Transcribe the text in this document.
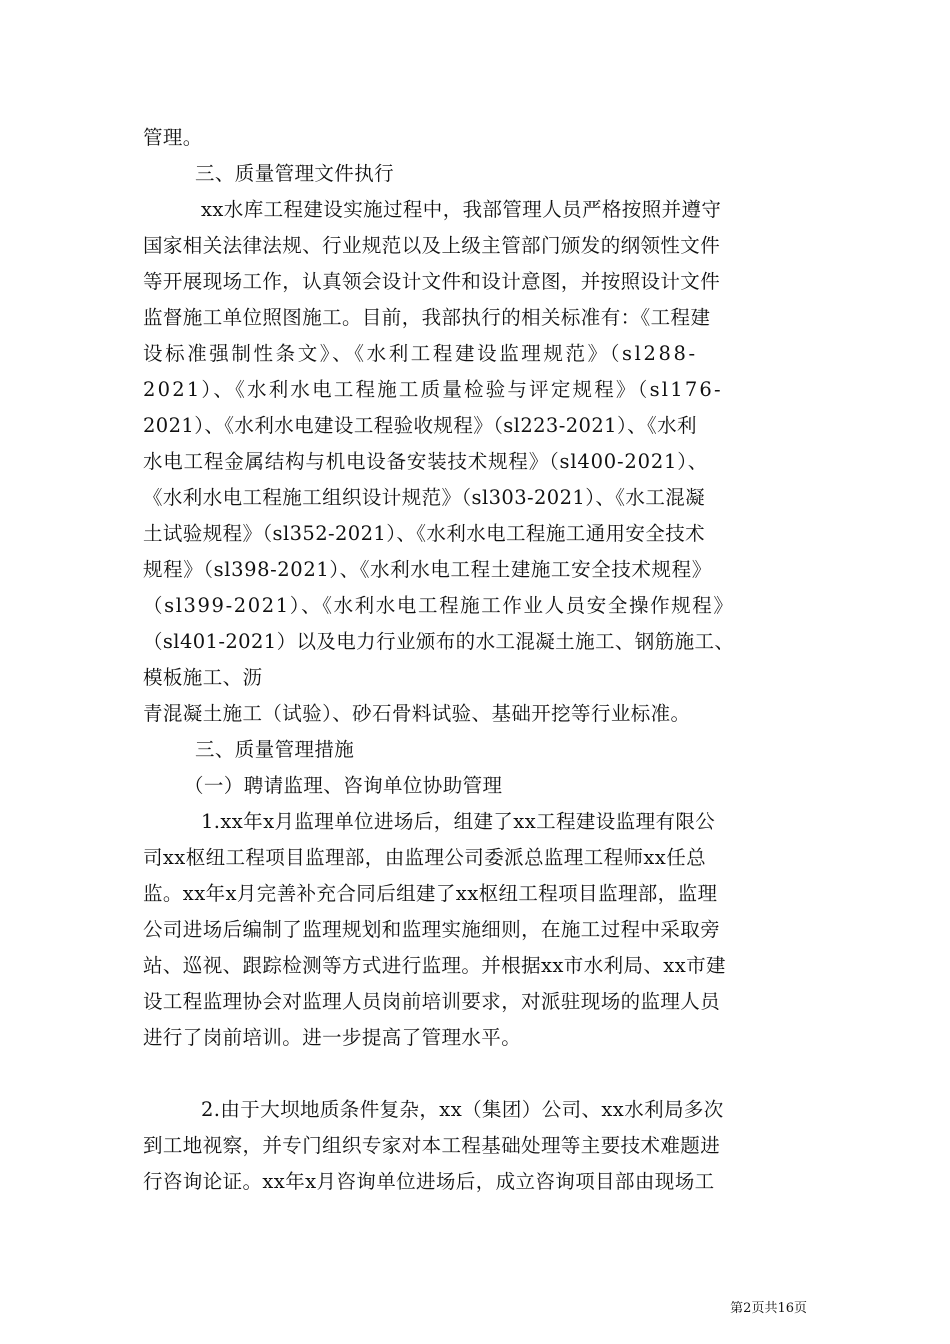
管理。
三、质量管理文件执行
xx水库工程建设实施过程中，我部管理人员严格按照并遵守
国家相关法律法规、行业规范以及上级主管部门颁发的纲领性文件
等开展现场工作，认真领会设计文件和设计意图，并按照设计文件
监督施工单位照图施工。目前，我部执行的相关标准有：《工程建
设标准强制性条文》、《水利工程建设监理规范》（sl288-
2021）、《水利水电工程施工质量检验与评定规程》（sl176-
2021）、《水利水电建设工程验收规程》（sl223-2021）、《水利
水电工程金属结构与机电设备安装技术规程》（sl400-2021）、
《水利水电工程施工组织设计规范》（sl303-2021）、《水工混凝
土试验规程》（sl352-2021）、《水利水电工程施工通用安全技术
规程》（sl398-2021）、《水利水电工程土建施工安全技术规程》
（sl399-2021）、《水利水电工程施工作业人员安全操作规程》
（sl401-2021）以及电力行业颁布的水工混凝土施工、钢筋施工、
模板施工、沥
青混凝土施工（试验）、砂石骨料试验、基础开挖等行业标准。
三、质量管理措施
（一）聘请监理、咨询单位协助管理
1.xx年x月监理单位进场后，组建了xx工程建设监理有限公
司xx枢纽工程项目监理部，由监理公司委派总监理工程师xx任总
监。xx年x月完善补充合同后组建了xx枢纽工程项目监理部，监理
公司进场后编制了监理规划和监理实施细则，在施工过程中采取旁
站、巡视、跟踪检测等方式进行监理。并根据xx市水利局、xx市建
设工程监理协会对监理人员岗前培训要求，对派驻现场的监理人员
进行了岗前培训。进一步提高了管理水平。
2.由于大坝地质条件复杂，xx（集团）公司、xx水利局多次
到工地视察，并专门组织专家对本工程基础处理等主要技术难题进
行咨询论证。xx年x月咨询单位进场后，成立咨询项目部由现场工
第2页共16页
